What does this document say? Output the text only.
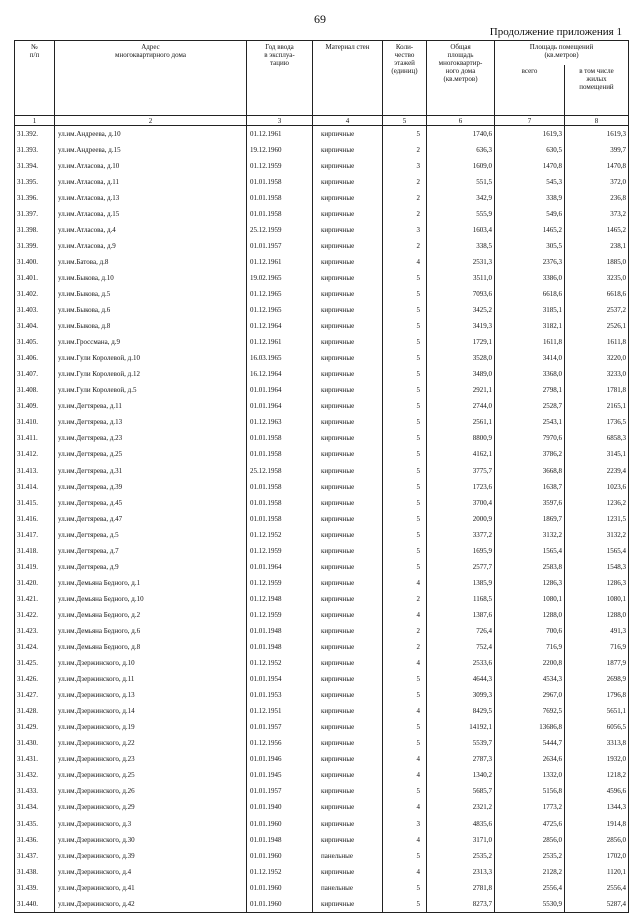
69
Продолжение приложения 1
№
п/п	Адрес
многоквартирного дома	Год ввода
в эксплуа-
тацию	Материал стен	Коли-
чество
этажей
(единиц)	Общая
площадь
многоквартир-
ного дома
(кв.метров)	Площадь помещений
(кв.метров)	
						всего	в том числе
жилых
помещений
1	2	3	4	5	6	7	8
31.392.	ул.им.Андреева, д.10	01.12.1961	кирпичные	5	1740,6	1619,3	1619,3
31.393.	ул.им.Андреева, д.15	19.12.1960	кирпичные	2	636,3	630,5	399,7
31.394.	ул.им.Атласова, д.10	01.12.1959	кирпичные	3	1609,0	1470,8	1470,8
31.395.	ул.им.Атласова, д.11	01.01.1958	кирпичные	2	551,5	545,3	372,0
31.396.	ул.им.Атласова, д.13	01.01.1958	кирпичные	2	342,9	338,9	236,8
31.397.	ул.им.Атласова, д.15	01.01.1958	кирпичные	2	555,9	549,6	373,2
31.398.	ул.им.Атласова, д.4	25.12.1959	кирпичные	3	1603,4	1465,2	1465,2
31.399.	ул.им.Атласова, д.9	01.01.1957	кирпичные	2	338,5	305,5	238,1
31.400.	ул.им.Батова, д.8	01.12.1961	кирпичные	4	2531,3	2376,3	1885,0
31.401.	ул.им.Быкова, д.10	19.02.1965	кирпичные	5	3511,0	3386,0	3235,0
31.402.	ул.им.Быкова, д.5	01.12.1965	кирпичные	5	7093,6	6618,6	6618,6
31.403.	ул.им.Быкова, д.6	01.12.1965	кирпичные	5	3425,2	3185,1	2537,2
31.404.	ул.им.Быкова, д.8	01.12.1964	кирпичные	5	3419,3	3182,1	2526,1
31.405.	ул.им.Гроссмана, д.9	01.12.1961	кирпичные	5	1729,1	1611,8	1611,8
31.406.	ул.им.Гули Королевой, д.10	16.03.1965	кирпичные	5	3528,0	3414,0	3220,0
31.407.	ул.им.Гули Королевой, д.12	16.12.1964	кирпичные	5	3489,0	3368,0	3233,0
31.408.	ул.им.Гули Королевой, д.5	01.01.1964	кирпичные	5	2921,1	2798,1	1781,8
31.409.	ул.им.Дегтярева, д.11	01.01.1964	кирпичные	5	2744,0	2528,7	2165,1
31.410.	ул.им.Дегтярева, д.13	01.12.1963	кирпичные	5	2561,1	2543,1	1736,5
31.411.	ул.им.Дегтярева, д.23	01.01.1958	кирпичные	5	8800,9	7970,6	6858,3
31.412.	ул.им.Дегтярева, д.25	01.01.1958	кирпичные	5	4162,1	3786,2	3145,1
31.413.	ул.им.Дегтярева, д.31	25.12.1958	кирпичные	5	3775,7	3668,8	2239,4
31.414.	ул.им.Дегтярева, д.39	01.01.1958	кирпичные	5	1723,6	1638,7	1023,6
31.415.	ул.им.Дегтярева, д.45	01.01.1958	кирпичные	5	3700,4	3597,6	1236,2
31.416.	ул.им.Дегтярева, д.47	01.01.1958	кирпичные	5	2000,9	1869,7	1231,5
31.417.	ул.им.Дегтярева, д.5	01.12.1952	кирпичные	5	3377,2	3132,2	3132,2
31.418.	ул.им.Дегтярева, д.7	01.12.1959	кирпичные	5	1695,9	1565,4	1565,4
31.419.	ул.им.Дегтярева, д.9	01.01.1964	кирпичные	5	2577,7	2583,8	1548,3
31.420.	ул.им.Демьяна Бедного, д.1	01.12.1959	кирпичные	4	1385,9	1286,3	1286,3
31.421.	ул.им.Демьяна Бедного, д.10	01.12.1948	кирпичные	2	1168,5	1080,1	1080,1
31.422.	ул.им.Демьяна Бедного, д.2	01.12.1959	кирпичные	4	1387,6	1288,0	1288,0
31.423.	ул.им.Демьяна Бедного, д.6	01.01.1948	кирпичные	2	726,4	700,6	491,3
31.424.	ул.им.Демьяна Бедного, д.8	01.01.1948	кирпичные	2	752,4	716,9	716,9
31.425.	ул.им.Дзержинского, д.10	01.12.1952	кирпичные	4	2533,6	2200,8	1877,9
31.426.	ул.им.Дзержинского, д.11	01.01.1954	кирпичные	5	4644,3	4534,3	2698,9
31.427.	ул.им.Дзержинского, д.13	01.01.1953	кирпичные	5	3099,3	2967,0	1796,8
31.428.	ул.им.Дзержинского, д.14	01.12.1951	кирпичные	4	8429,5	7692,5	5651,1
31.429.	ул.им.Дзержинского, д.19	01.01.1957	кирпичные	5	14192,1	13686,8	6056,5
31.430.	ул.им.Дзержинского, д.22	01.12.1956	кирпичные	5	5539,7	5444,7	3313,8
31.431.	ул.им.Дзержинского, д.23	01.01.1946	кирпичные	4	2787,3	2634,6	1932,0
31.432.	ул.им.Дзержинского, д.25	01.01.1945	кирпичные	4	1340,2	1332,0	1218,2
31.433.	ул.им.Дзержинского, д.26	01.01.1957	кирпичные	5	5685,7	5156,8	4596,6
31.434.	ул.им.Дзержинского, д.29	01.01.1940	кирпичные	4	2321,2	1773,2	1344,3
31.435.	ул.им.Дзержинского, д.3	01.01.1960	кирпичные	3	4835,6	4725,6	1914,8
31.436.	ул.им.Дзержинского, д.30	01.01.1948	кирпичные	4	3171,0	2856,0	2856,0
31.437.	ул.им.Дзержинского, д.39	01.01.1960	панельные	5	2535,2	2535,2	1702,0
31.438.	ул.им.Дзержинского, д.4	01.12.1952	кирпичные	4	2313,3	2128,2	1120,1
31.439.	ул.им.Дзержинского, д.41	01.01.1960	панельные	5	2781,8	2556,4	2556,4
31.440.	ул.им.Дзержинского, д.42	01.01.1960	кирпичные	5	8273,7	5530,9	5287,4
